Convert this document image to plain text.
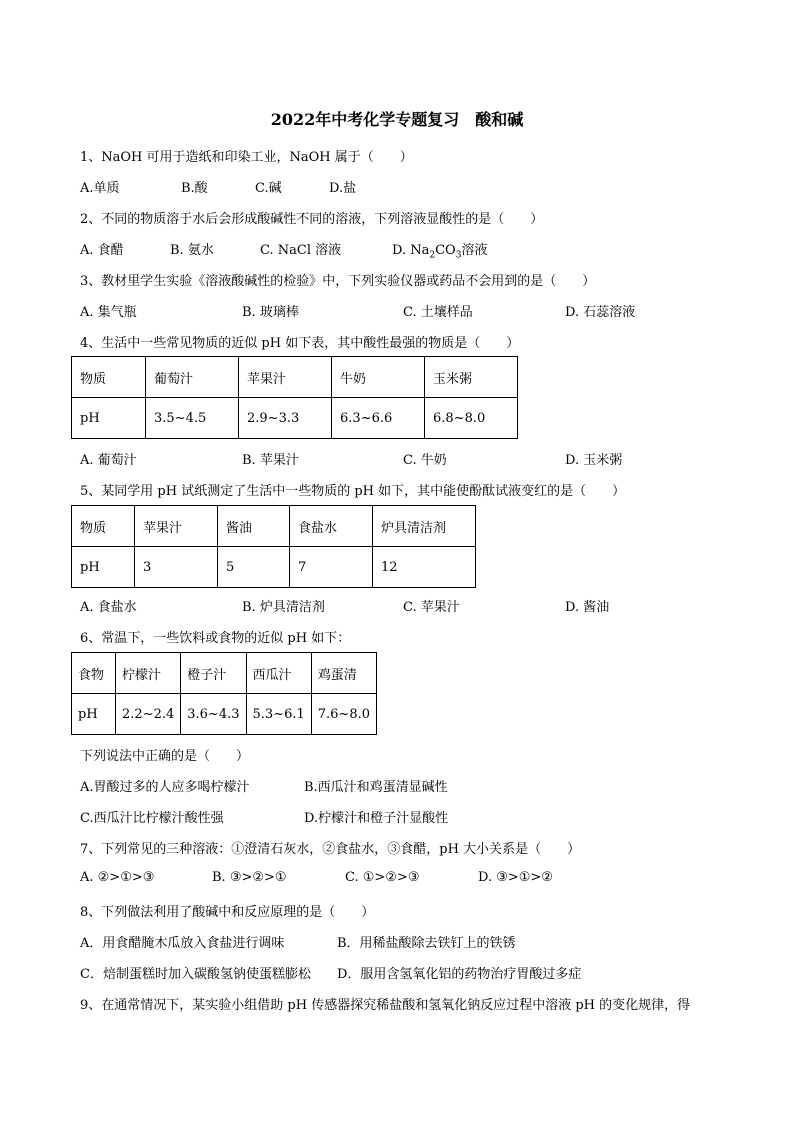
2022年中考化学专题复习　酸和碱
1、NaOH 可用于造纸和印染工业，NaOH 属于（　　）
A.单质	B.酸	C.碱	D.盐
2、不同的物质溶于水后会形成酸碱性不同的溶液，下列溶液显酸性的是（　　）
A. 食醋	B. 氨水	C. NaCl 溶液	D. $Na_2CO_3$溶液
3、教材里学生实验《溶液酸碱性的检验》中，下列实验仪器或药品不会用到的是（　　）
A. 集气瓶	B. 玻璃棒	C. 土壤样品	D. 石蕊溶液
4、生活中一些常见物质的近似 pH 如下表，其中酸性最强的物质是（　　）
物质	葡萄汁	苹果汁	牛奶	玉米粥
pH	3.5~4.5	2.9~3.3	6.3~6.6	6.8~8.0
A. 葡萄汁	B. 苹果汁	C. 牛奶	D. 玉米粥
5、某同学用 pH 试纸测定了生活中一些物质的 pH 如下，其中能使酚酞试液变红的是（　　）
物质	苹果汁	酱油	食盐水	炉具清洁剂
pH	3	5	7	12
A. 食盐水	B. 炉具清洁剂	C. 苹果汁	D. 酱油
6、常温下，一些饮料或食物的近似 pH 如下：
食物	柠檬汁	橙子汁	西瓜汁	鸡蛋清
pH	2.2~2.4	3.6~4.3	5.3~6.1	7.6~8.0
下列说法中正确的是（　　）
A.胃酸过多的人应多喝柠檬汁	B.西瓜汁和鸡蛋清显碱性
C.西瓜汁比柠檬汁酸性强	D.柠檬汁和橙子汁显酸性
7、下列常见的三种溶液：①澄清石灰水，②食盐水，③食醋，pH 大小关系是（　　）
A. ②>①>③	B. ③>②>①	C. ①>②>③	D. ③>①>②
8、下列做法利用了酸碱中和反应原理的是（　　）
A．用食醋腌木瓜放入食盐进行调味	B．用稀盐酸除去铁钉上的铁锈
C．焙制蛋糕时加入碳酸氢钠使蛋糕膨松 D．服用含氢氧化铝的药物治疗胃酸过多症
9、在通常情况下，某实验小组借助 pH 传感器探究稀盐酸和氢氧化钠反应过程中溶液 pH 的变化规律，得
